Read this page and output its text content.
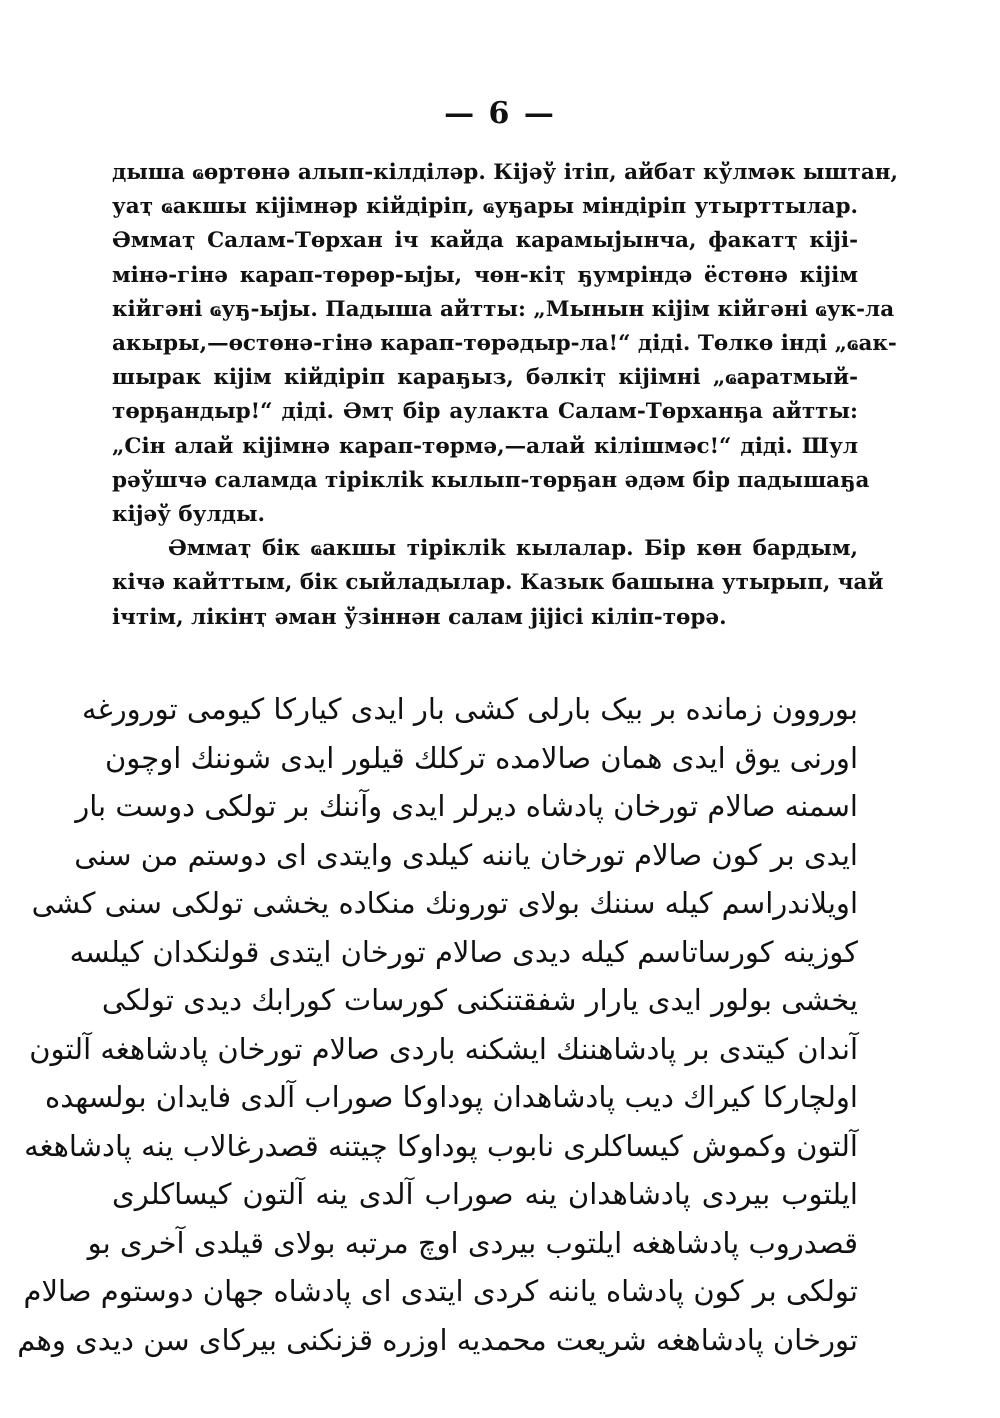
— 6 —
дыша ҩөртөнә алып-кілділәр. Кіјәў ітіп, айбат кўлмәк ыштан,
уаҭ ҩакшы кіјімнәр кійдіріп, ҩуҕары міндіріп утырттылар.
Әммаҭ Салам-Төрхан іч кайда карамыјынча, факатҭ кіјі-
мінә-гінә карап-төрөр-ыјы, чөн-кіҭ ҕумріндә ёстөнә кіјім
кійгәні ҩуҕ-ыјы. Падыша айтты: „Мынын кіјім кійгәні ҩук-ла
акыры,—өстөнә-гінә карап-төрәдыр-ла!“ діді. Төлкө інді „ҩак-
шырак кіјім кійдіріп караҕыз, бәлкіҭ кіјімні „ҩаратмый-
төрҕандыр!“ діді. Әмҭ бір аулакта Салам-Төрханҕа айтты:
„Сін алай кіјімнә карап-төрмә,—алай кілішмәс!“ діді. Шул
рәўшчә саламда тірікліk кылып-төрҕан әдәм бір падышаҕа
кіјәў булды.
Әммаҭ бік ҩакшы тірікліk кылалар. Бір көн бардым,
кічә кайттым, бік сыйладылар. Казык башына утырып, чай
ічтім, лікінҭ әман ўзіннән салам јіјісі кіліп-төрә.
بوروون زمانده بر بیک بارلی کشی بار ایدی کیارکا کیومی تورورغه
اورنی یوق ایدی همان صالامده ترکلك قیلور ایدی شوننك اوچون
اسمنه صالام تورخان پادشاه دیرلر ایدی وآننك بر تولکی دوست بار
ایدی بر کون صالام تورخان یاننه کیلدی وایتدی ای دوستم من سنی
اویلاندراسم کیله سننك بولای تورونك منکاده یخشی تولکی سنی کشی
کوزینه کورساتاسم کیله دیدی صالام تورخان ایتدی قولنکدان کیلسه
یخشی بولور ایدی یارار شفقتنکنی کورسات کورابك دیدی تولکی
آندان کیتدی بر پادشاهننك ایشکنه باردی صالام تورخان پادشاهغه آلتون
اولچارکا کیراك دیب پادشاهدان پوداوکا صوراب آلدی فایدان بولسهده
آلتون وکموش کیساکلری نابوب پوداوکا چیتنه قصدرغالاب ینه پادشاهغه
ایلتوب بیردی پادشاهدان ینه صوراب آلدی ینه آلتون کیساکلری
قصدروب پادشاهغه ایلتوب بیردی اوچ مرتبه بولای قیلدی آخری بو
تولکی بر کون پادشاه یاننه کردی ایتدی ای پادشاه جهان دوستوم صالام
تورخان پادشاهغه شریعت محمدیه اوزره قزنکنی بیرکای سن دیدی وهم
